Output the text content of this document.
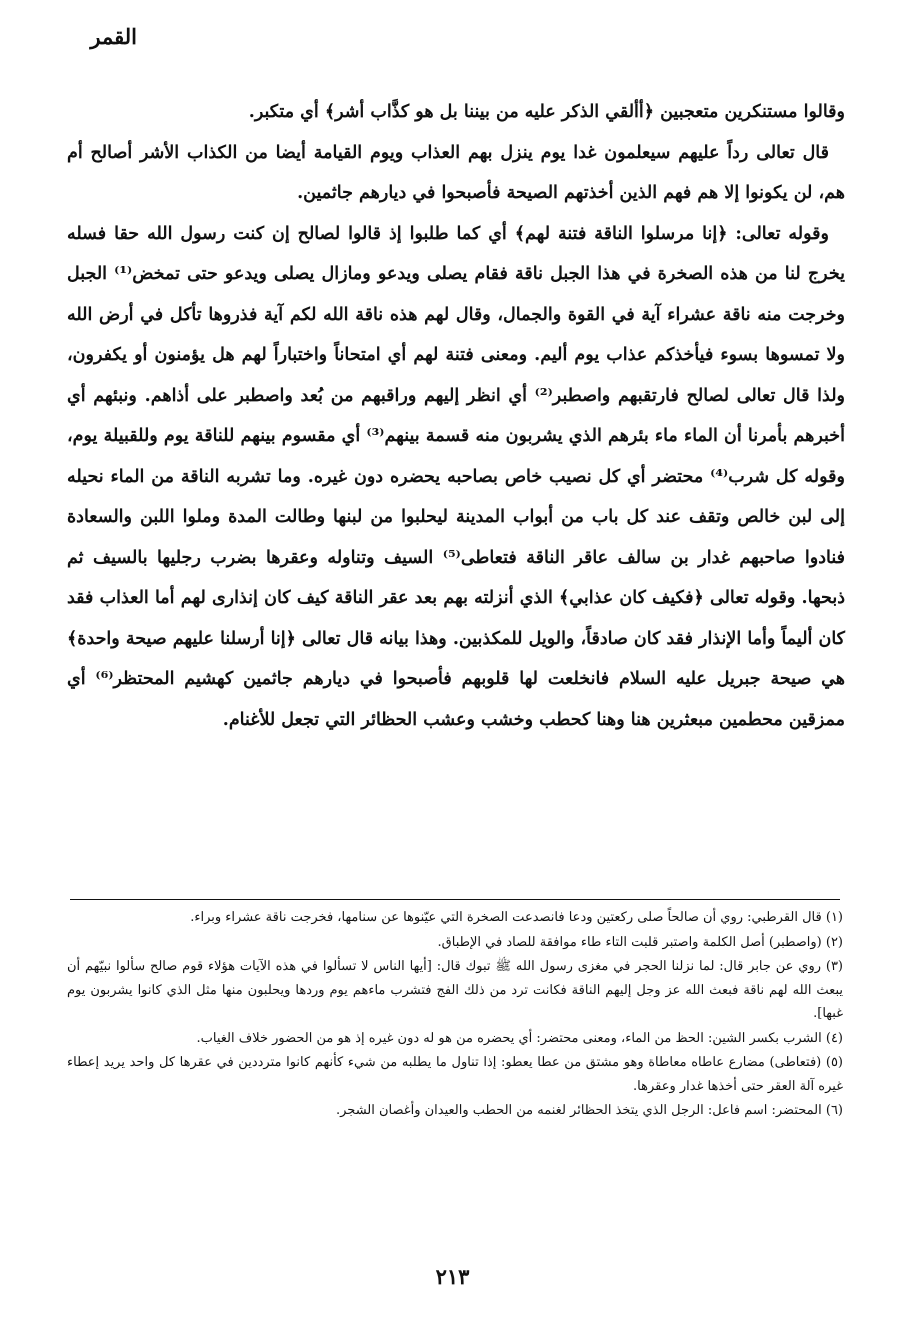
القمر

وقالوا مستنكرين متعجبين ﴿أألقي الذكر عليه من بيننا بل هو كذَّاب أشر﴾ أي متكبر.

قال تعالى رداً عليهم سيعلمون غدا يوم ينزل بهم العذاب ويوم القيامة أيضا من الكذاب الأشر أصالح أم هم، لن يكونوا إلا هم فهم الذين أخذتهم الصيحة فأصبحوا في ديارهم جاثمين.

وقوله تعالى: ﴿إنا مرسلوا الناقة فتنة لهم﴾ أي كما طلبوا إذ قالوا لصالح إن كنت رسول الله حقا فسله يخرج لنا من هذه الصخرة في هذا الجبل ناقة فقام يصلى ويدعو ومازال يصلى ويدعو حتى تمخض⁽¹⁾ الجبل وخرجت منه ناقة عشراء آية في القوة والجمال، وقال لهم هذه ناقة الله لكم آية فذروها تأكل في أرض الله ولا تمسوها بسوء فيأخذكم عذاب يوم أليم. ومعنى فتنة لهم أي امتحاناً واختباراً لهم هل يؤمنون أو يكفرون، ولذا قال تعالى لصالح فارتقبهم واصطبر⁽²⁾ أي انظر إليهم وراقبهم من بُعد واصطبر على أذاهم. ونبئهم أي أخبرهم بأمرنا أن الماء ماء بئرهم الذي يشربون منه قسمة بينهم⁽³⁾ أي مقسوم بينهم للناقة يوم وللقبيلة يوم، وقوله كل شرب⁽⁴⁾ محتضر أي كل نصيب خاص بصاحبه يحضره دون غيره. وما تشربه الناقة من الماء نحيله إلى لبن خالص وتقف عند كل باب من أبواب المدينة ليحلبوا من لبنها وطالت المدة وملوا اللبن والسعادة فنادوا صاحبهم غدار بن سالف عاقر الناقة فتعاطى⁽⁵⁾ السيف وتناوله وعقرها بضرب رجليها بالسيف ثم ذبحها. وقوله تعالى ﴿فكيف كان عذابي﴾ الذي أنزلته بهم بعد عقر الناقة كيف كان إنذارى لهم أما العذاب فقد كان أليماً وأما الإنذار فقد كان صادقاً، والويل للمكذبين. وهذا بيانه قال تعالى ﴿إنا أرسلنا عليهم صيحة واحدة﴾ هي صيحة جبريل عليه السلام فانخلعت لها قلوبهم فأصبحوا في ديارهم جاثمين كهشيم المحتظر⁽⁶⁾ أي ممزقين محطمين مبعثرين هنا وهنا كحطب وخشب وعشب الحظائر التي تجعل للأغنام.

(١) قال القرطبي: روي أن صالحاً صلى ركعتين ودعا فانصدعت الصخرة التي عيّنوها عن سنامها، فخرجت ناقة عشراء وبراء.

(٢) (واصطبر) أصل الكلمة واصتبر قلبت التاء طاء موافقة للصاد في الإطباق.

(٣) روي عن جابر قال: لما نزلنا الحجر في مغزى رسول الله ﷺ تبوك قال: [أيها الناس لا تسألوا في هذه الآيات هؤلاء قوم صالح سألوا نبيّهم أن يبعث الله لهم ناقة فبعث الله عز وجل إليهم الناقة فكانت ترد من ذلك الفج فتشرب ماءهم يوم وردها ويحلبون منها مثل الذي كانوا يشربون يوم غبها].

(٤) الشرب بكسر الشين: الحظ من الماء، ومعنى محتضر: أي يحضره من هو له دون غيره إذ هو من الحضور خلاف الغياب.

(٥) (فتعاطى) مضارع عاطاه معاطاة وهو مشتق من عطا يعطو: إذا تناول ما يطلبه من شيء كأنهم كانوا مترددين في عقرها كل واحد يريد إعطاء غيره آلة العقر حتى أخذها غدار وعقرها.

(٦) المحتضر: اسم فاعل: الرجل الذي يتخذ الحظائر لغنمه من الحطب والعيدان وأغصان الشجر.

٢١٣
